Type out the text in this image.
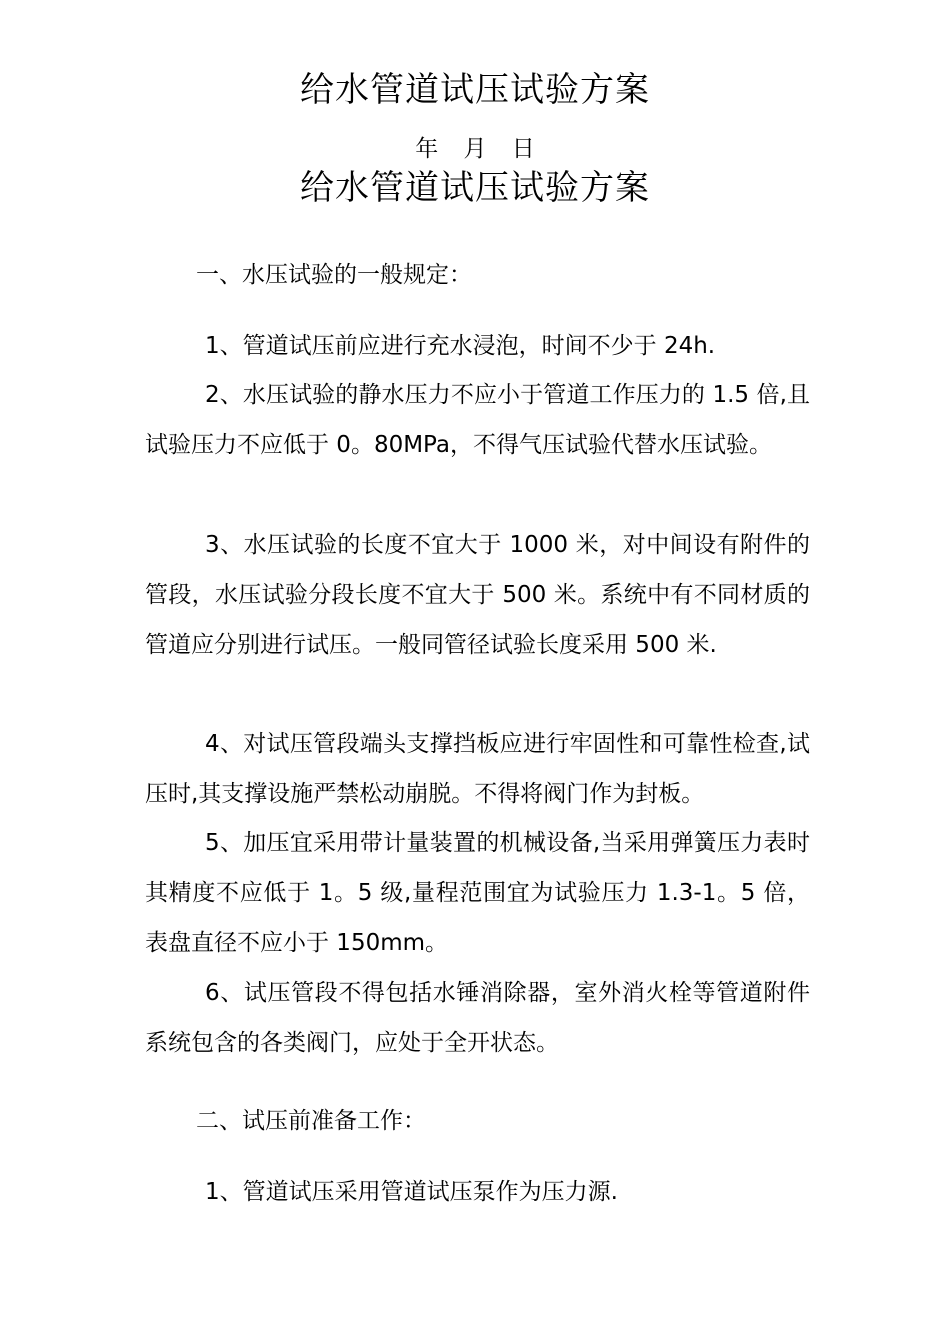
给水管道试压试验方案
年 月 日
给水管道试压试验方案
一、水压试验的一般规定：

1、管道试压前应进行充水浸泡，时间不少于 24h.

2、水压试验的静水压力不应小于管道工作压力的 1.5 倍,且试验压力不应低于 0。80MPa，不得气压试验代替水压试验。

3、水压试验的长度不宜大于 1000 米，对中间设有附件的管段，水压试验分段长度不宜大于 500 米。系统中有不同材质的管道应分别进行试压。一般同管径试验长度采用 500 米.

4、对试压管段端头支撑挡板应进行牢固性和可靠性检查,试压时,其支撑设施严禁松动崩脱。不得将阀门作为封板。

5、加压宜采用带计量装置的机械设备,当采用弹簧压力表时 其精度不应低于 1。5 级,量程范围宜为试验压力 1.3-1。5 倍，表盘直径不应小于 150mm。

6、试压管段不得包括水锤消除器，室外消火栓等管道附件系统包含的各类阀门，应处于全开状态。

二、试压前准备工作：

1、管道试压采用管道试压泵作为压力源.
